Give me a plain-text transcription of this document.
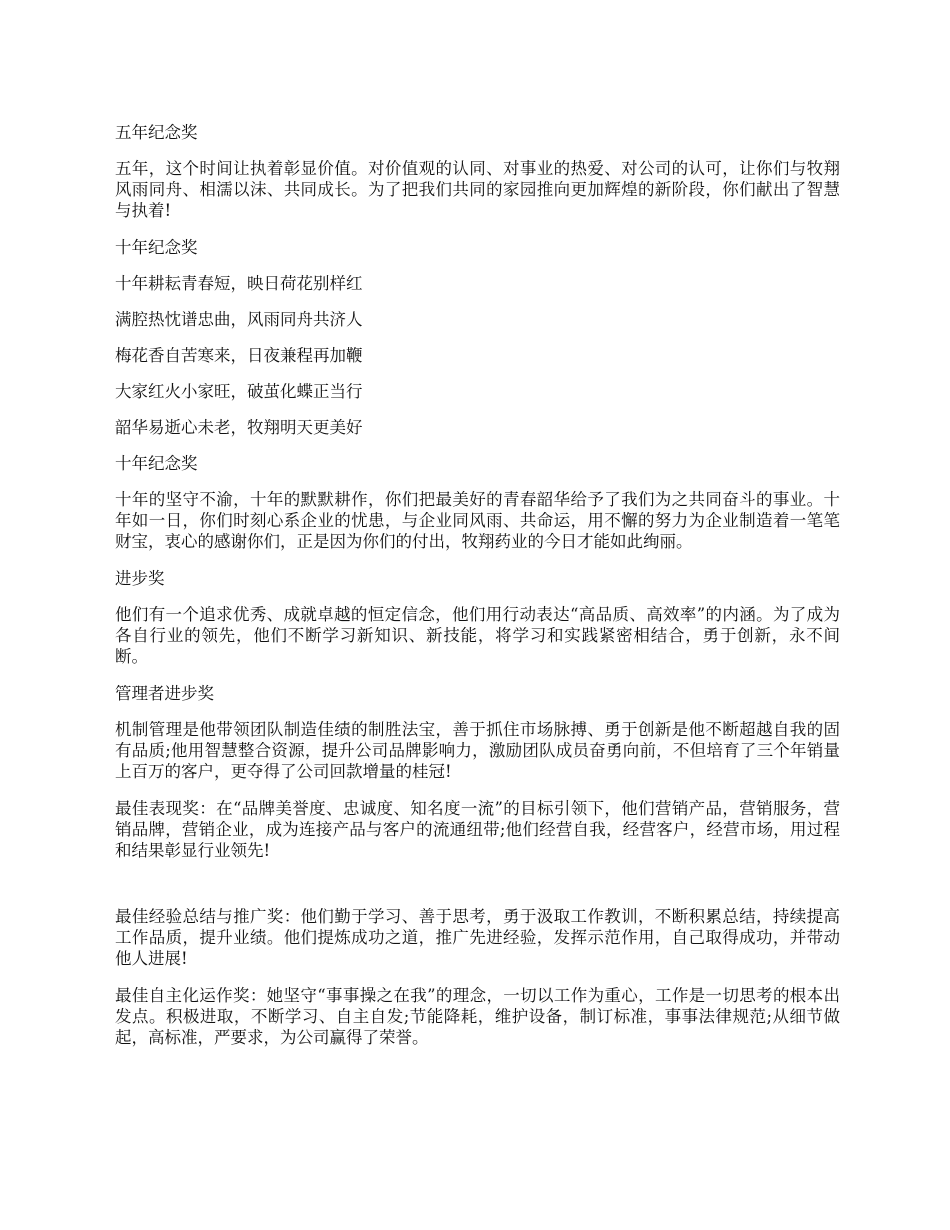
五年纪念奖

五年，这个时间让执着彰显价值。对价值观的认同、对事业的热爱、对公司的认可，让你们与牧翔风雨同舟、相濡以沫、共同成长。为了把我们共同的家园推向更加辉煌的新阶段，你们献出了智慧与执着!

十年纪念奖

十年耕耘青春短，映日荷花别样红

满腔热忱谱忠曲，风雨同舟共济人

梅花香自苦寒来，日夜兼程再加鞭

大家红火小家旺，破茧化蝶正当行

韶华易逝心未老，牧翔明天更美好

十年纪念奖

十年的坚守不渝，十年的默默耕作，你们把最美好的青春韶华给予了我们为之共同奋斗的事业。十年如一日，你们时刻心系企业的忧患，与企业同风雨、共命运，用不懈的努力为企业制造着一笔笔财宝，衷心的感谢你们，正是因为你们的付出，牧翔药业的今日才能如此绚丽。

进步奖

他们有一个追求优秀、成就卓越的恒定信念，他们用行动表达“高品质、高效率”的内涵。为了成为各自行业的领先，他们不断学习新知识、新技能，将学习和实践紧密相结合，勇于创新，永不间断。

管理者进步奖

机制管理是他带领团队制造佳绩的制胜法宝，善于抓住市场脉搏、勇于创新是他不断超越自我的固有品质;他用智慧整合资源，提升公司品牌影响力，激励团队成员奋勇向前，不但培育了三个年销量上百万的客户，更夺得了公司回款增量的桂冠!

最佳表现奖：在“品牌美誉度、忠诚度、知名度一流”的目标引领下，他们营销产品，营销服务，营销品牌，营销企业，成为连接产品与客户的流通纽带;他们经营自我，经营客户，经营市场，用过程和结果彰显行业领先!

最佳经验总结与推广奖：他们勤于学习、善于思考，勇于汲取工作教训，不断积累总结，持续提高工作品质，提升业绩。他们提炼成功之道，推广先进经验，发挥示范作用，自己取得成功，并带动他人进展!

最佳自主化运作奖：她坚守“事事操之在我”的理念，一切以工作为重心，工作是一切思考的根本出发点。积极进取，不断学习、自主自发;节能降耗，维护设备，制订标准，事事法律规范;从细节做起，高标准，严要求，为公司赢得了荣誉。
